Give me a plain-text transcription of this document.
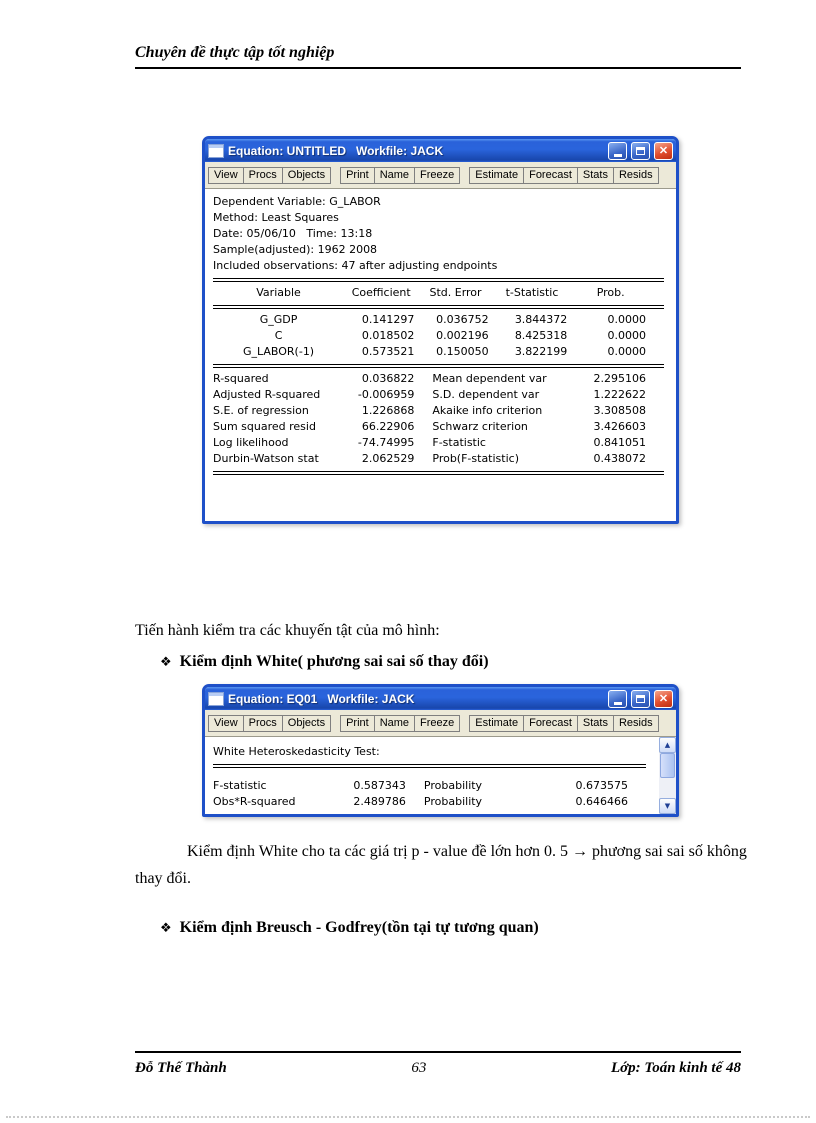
Chuyên đề thực tập tốt nghiệp
Equation: UNTITLED   Workfile: JACK	✕
View	Procs	Objects	Print	Name	Freeze	Estimate	Forecast	Stats	Resids
Dependent Variable: G_LABOR
Method: Least Squares
Date: 05/06/10   Time: 13:18
Sample(adjusted): 1962 2008
Included observations: 47 after adjusting endpoints
Variable	Coefficient	Std. Error	t-Statistic	Prob.
G_GDP	0.141297	0.036752	3.844372	0.0000
C	0.018502	0.002196	8.425318	0.0000
G_LABOR(-1)	0.573521	0.150050	3.822199	0.0000
R-squared	0.036822	Mean dependent var	2.295106
Adjusted R-squared	-0.006959	S.D. dependent var	1.222622
S.E. of regression	1.226868	Akaike info criterion	3.308508
Sum squared resid	66.22906	Schwarz criterion	3.426603
Log likelihood	-74.74995	F-statistic	0.841051
Durbin-Watson stat	2.062529	Prob(F-statistic)	0.438072

Tiến hành kiểm tra các khuyến tật của mô hình:

❖ Kiểm định White( phương sai sai số thay đổi)
Equation: EQ01   Workfile: JACK	✕
View	Procs	Objects	Print	Name	Freeze	Estimate	Forecast	Stats	Resids
White Heteroskedasticity Test:
F-statistic	0.587343	Probability	0.673575
Obs*R-squared	2.489786	Probability	0.646466
▲
▼

Kiểm định White cho ta các giá trị p - value đề lớn hơn 0. 5 → phương sai sai số không thay đổi.

❖ Kiểm định Breusch - Godfrey(tồn tại tự tương quan)
Đỗ Thế Thành	63	Lớp: Toán kinh tế 48
